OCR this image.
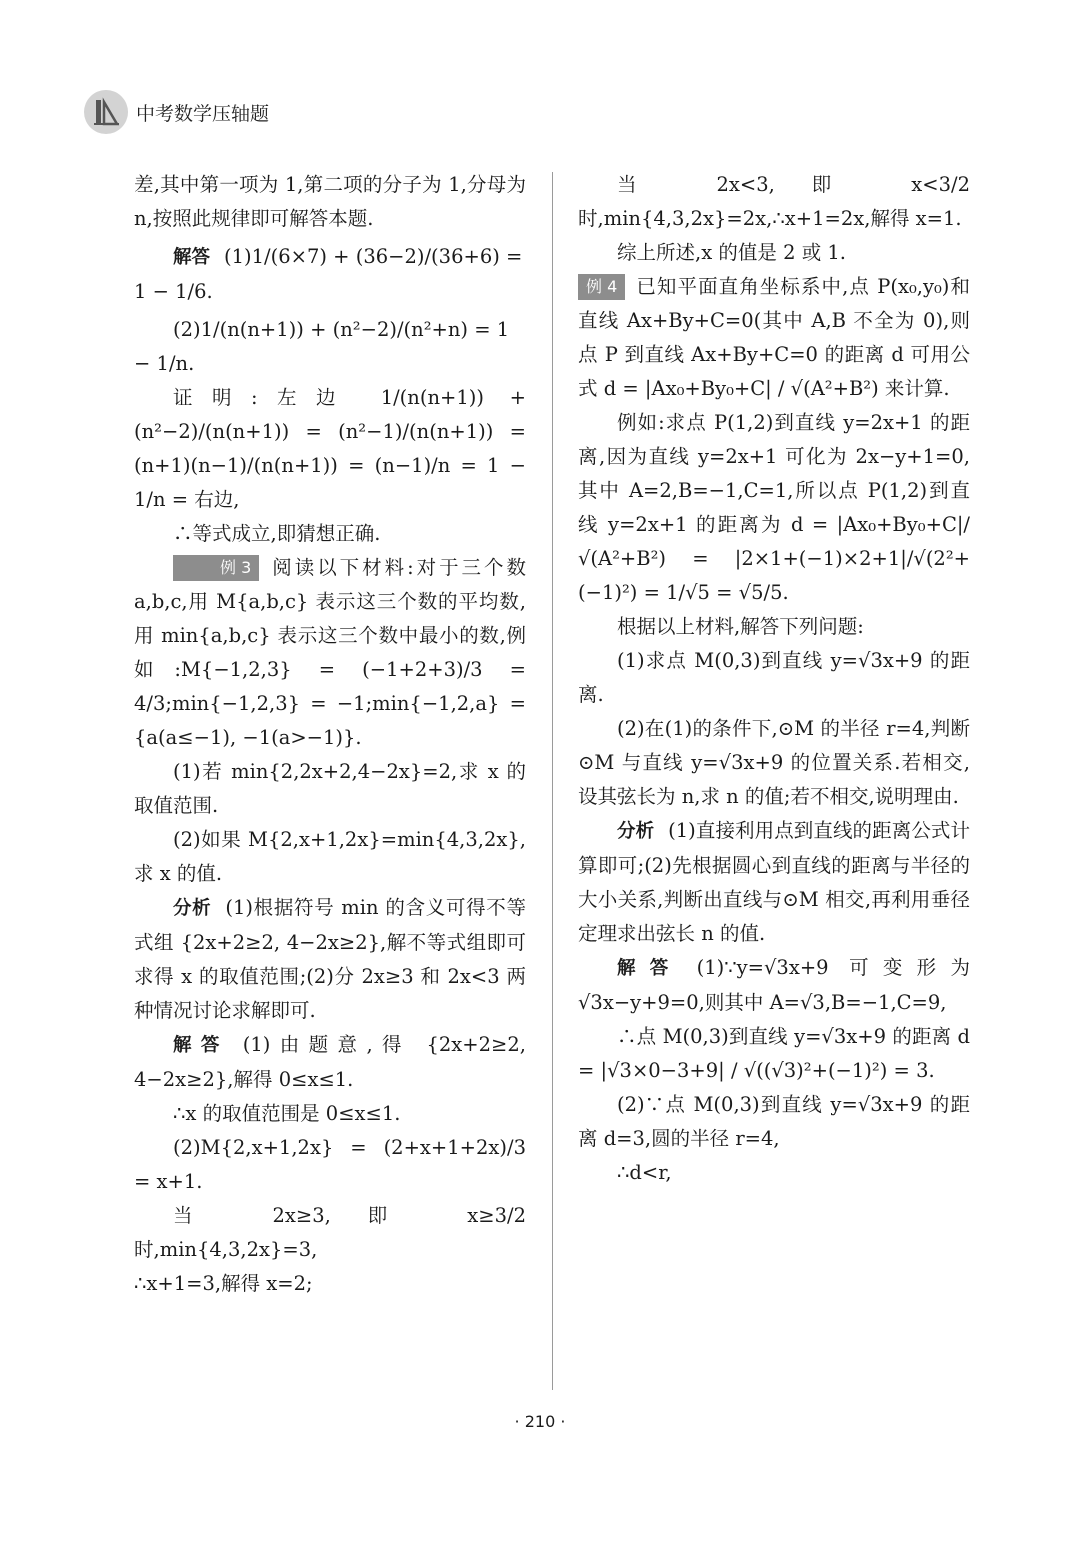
中考数学压轴题

差,其中第一项为 1,第二项的分子为 1,分母为 n,按照此规律即可解答本题.

解答 (1)1/(6×7) + (36−2)/(36+6) = 1 − 1/6.
(2)1/(n(n+1)) + (n²−2)/(n²+n) = 1 − 1/n.

证明:左边 1/(n(n+1)) + (n²−2)/(n(n+1)) = (n²−1)/(n(n+1)) = (n+1)(n−1)/(n(n+1)) = (n−1)/n = 1 − 1/n = 右边,

∴等式成立,即猜想正确.

例 3 阅读以下材料:对于三个数 a,b,c,用 M{a,b,c} 表示这三个数的平均数,用 min{a,b,c} 表示这三个数中最小的数,例如:M{−1,2,3} = (−1+2+3)/3 = 4/3;min{−1,2,3} = −1;min{−1,2,a} = {a(a≤−1), −1(a>−1)}.

(1)若 min{2,2x+2,4−2x}=2,求 x 的取值范围.

(2)如果 M{2,x+1,2x}=min{4,3,2x},求 x 的值.

分析 (1)根据符号 min 的含义可得不等式组 {2x+2≥2, 4−2x≥2},解不等式组即可求得 x 的取值范围;(2)分 2x≥3 和 2x<3 两种情况讨论求解即可.

解答 (1)由题意,得 {2x+2≥2, 4−2x≥2},解得 0≤x≤1.

∴x 的取值范围是 0≤x≤1.

(2)M{2,x+1,2x} = (2+x+1+2x)/3 = x+1.

当 2x≥3,即 x≥3/2 时,min{4,3,2x}=3,

∴x+1=3,解得 x=2;

当 2x<3,即 x<3/2 时,min{4,3,2x}=2x,∴x+1=2x,解得 x=1.

综上所述,x 的值是 2 或 1.

例 4 已知平面直角坐标系中,点 P(x₀,y₀)和直线 Ax+By+C=0(其中 A,B 不全为 0),则点 P 到直线 Ax+By+C=0 的距离 d 可用公式 d = |Ax₀+By₀+C| / √(A²+B²) 来计算.

例如:求点 P(1,2)到直线 y=2x+1 的距离,因为直线 y=2x+1 可化为 2x−y+1=0,其中 A=2,B=−1,C=1,所以点 P(1,2)到直线 y=2x+1 的距离为 d = |Ax₀+By₀+C|/√(A²+B²) = |2×1+(−1)×2+1|/√(2²+(−1)²) = 1/√5 = √5/5.

根据以上材料,解答下列问题:

(1)求点 M(0,3)到直线 y=√3x+9 的距离.

(2)在(1)的条件下,⊙M 的半径 r=4,判断⊙M 与直线 y=√3x+9 的位置关系.若相交,设其弦长为 n,求 n 的值;若不相交,说明理由.

分析 (1)直接利用点到直线的距离公式计算即可;(2)先根据圆心到直线的距离与半径的大小关系,判断出直线与⊙M 相交,再利用垂径定理求出弦长 n 的值.

解答 (1)∵y=√3x+9 可变形为√3x−y+9=0,则其中 A=√3,B=−1,C=9,

∴点 M(0,3)到直线 y=√3x+9 的距离 d = |√3×0−3+9| / √((√3)²+(−1)²) = 3.

(2)∵点 M(0,3)到直线 y=√3x+9 的距离 d=3,圆的半径 r=4,

∴d<r,

· 210 ·
